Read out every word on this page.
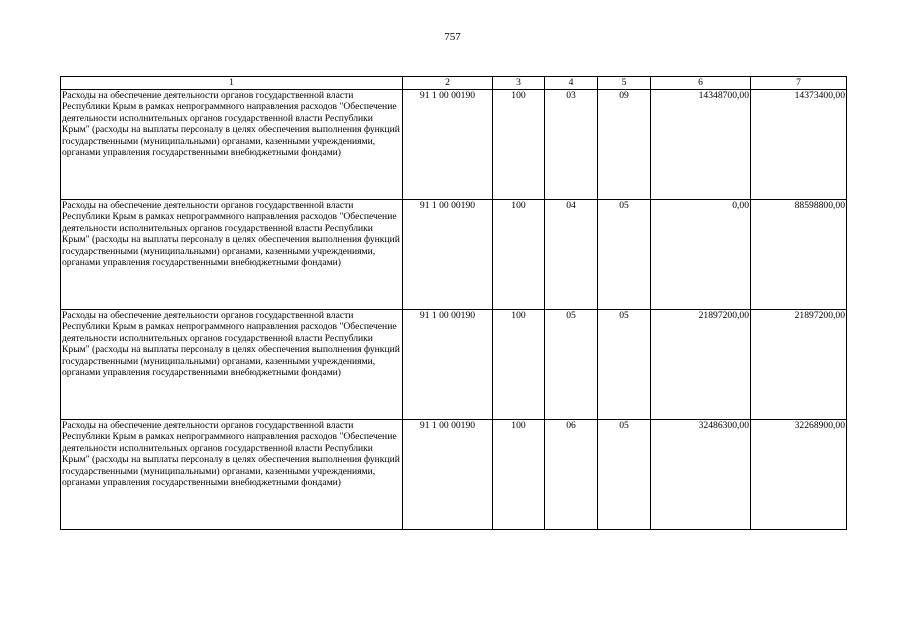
757
1	2	3	4	5	6	7
Расходы на обеспечение деятельности органов государственной власти Республики Крым в рамках непрограммного направления расходов "Обеспечение деятельности исполнительных органов государственной власти Республики Крым" (расходы на выплаты персоналу в целях обеспечения выполнения функций государственными (муниципальными) органами, казенными учреждениями, органами управления государственными внебюджетными фондами)	91 1 00 00190	100	03	09	14348700,00	14373400,00
Расходы на обеспечение деятельности органов государственной власти Республики Крым в рамках непрограммного направления расходов "Обеспечение деятельности исполнительных органов государственной власти Республики Крым" (расходы на выплаты персоналу в целях обеспечения выполнения функций государственными (муниципальными) органами, казенными учреждениями, органами управления государственными внебюджетными фондами)	91 1 00 00190	100	04	05	0,00	88598800,00
Расходы на обеспечение деятельности органов государственной власти Республики Крым в рамках непрограммного направления расходов "Обеспечение деятельности исполнительных органов государственной власти Республики Крым" (расходы на выплаты персоналу в целях обеспечения выполнения функций государственными (муниципальными) органами, казенными учреждениями, органами управления государственными внебюджетными фондами)	91 1 00 00190	100	05	05	21897200,00	21897200,00
Расходы на обеспечение деятельности органов государственной власти Республики Крым в рамках непрограммного направления расходов "Обеспечение деятельности исполнительных органов государственной власти Республики Крым" (расходы на выплаты персоналу в целях обеспечения выполнения функций государственными (муниципальными) органами, казенными учреждениями, органами управления государственными внебюджетными фондами)	91 1 00 00190	100	06	05	32486300,00	32268900,00
